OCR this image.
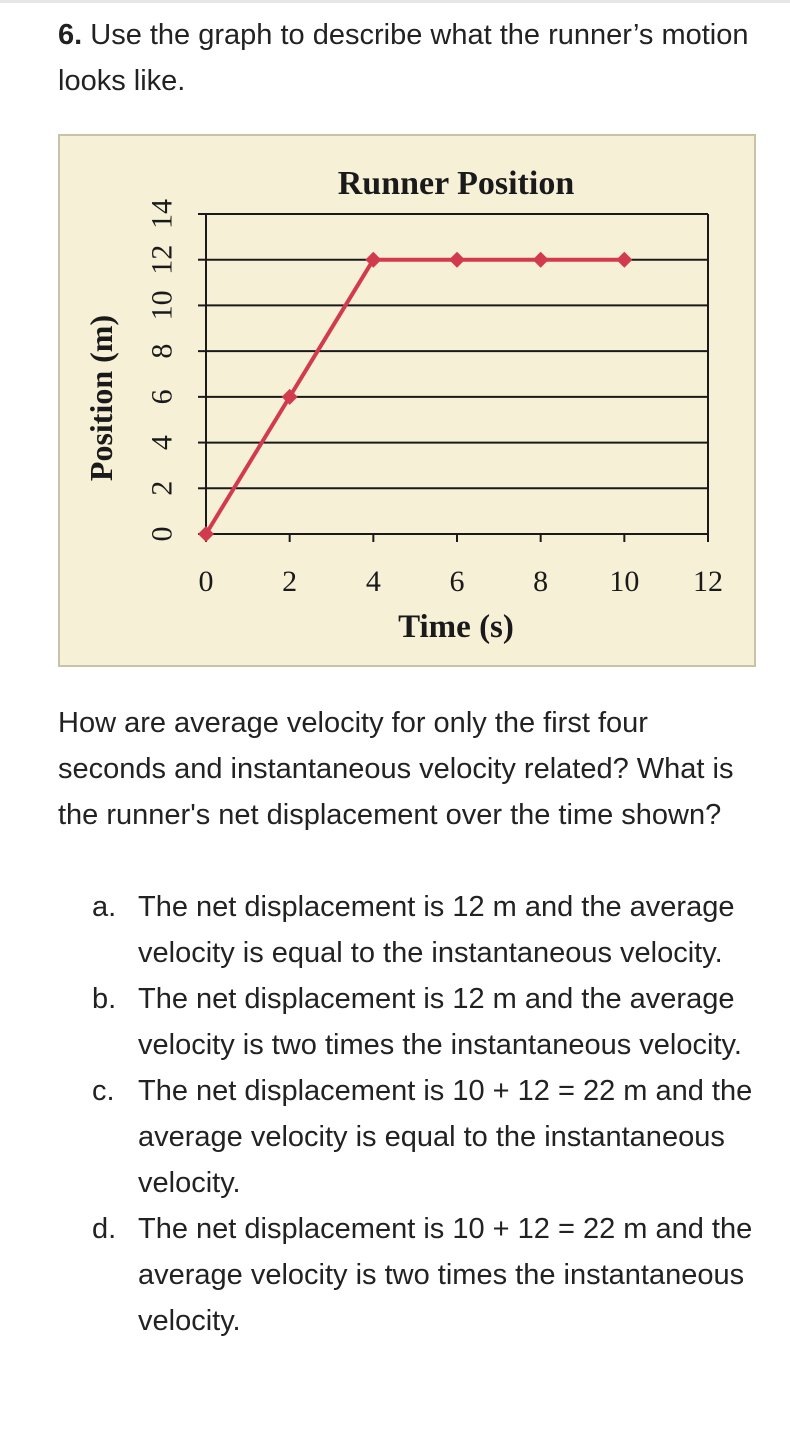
6. Use the graph to describe what the runner’s motion looks like.
0
2
4
6
8
10
12
14
0 2 4 6 8 10 12
Runner Position
Time (s)
Position (m)
How are average velocity for only the first four seconds and instantaneous velocity related? What is the runner's net displacement over the time shown?
a. The net displacement is 12 m and the average velocity is equal to the instantaneous velocity.
b. The net displacement is 12 m and the average velocity is two times the instantaneous velocity.
c. The net displacement is 10 + 12 = 22 m and the average velocity is equal to the instantaneous velocity.
d. The net displacement is 10 + 12 = 22 m and the average velocity is two times the instantaneous velocity.
